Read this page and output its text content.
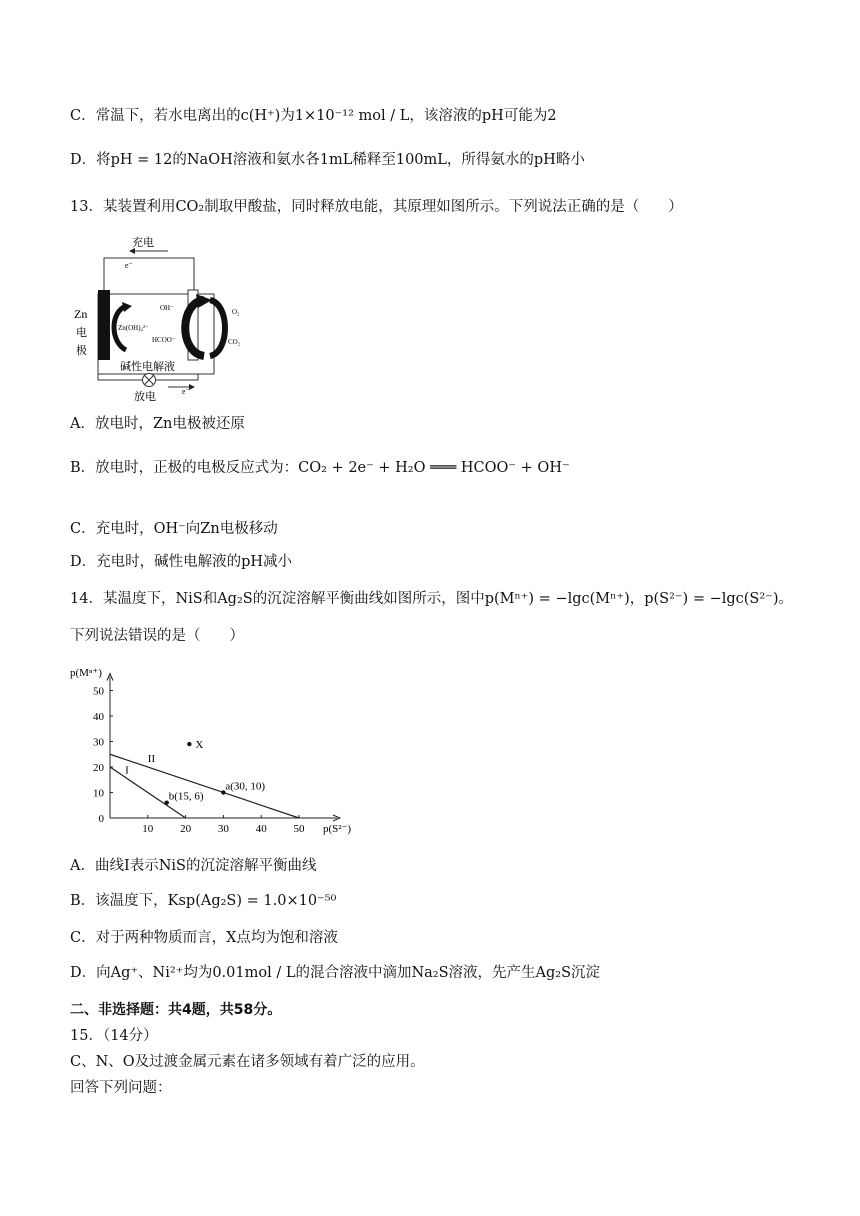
C．常温下，若水电离出的c(H⁺)为1×10⁻¹² mol / L，该溶液的pH可能为2
D．将pH = 12的NaOH溶液和氨水各1mL稀释至100mL，所得氨水的pH略小
13．某装置利用CO₂制取甲酸盐，同时释放电能，其原理如图所示。下列说法正确的是（　　）
充电
e⁻
Zn(OH)₄²⁻
OH⁻
HCOO⁻
O₂
CO₂
Zn
电
极
碱性电解液
e⁻
放电
A．放电时，Zn电极被还原
B．放电时，正极的电极反应式为：CO₂ + 2e⁻ + H₂O ═══ HCOO⁻ + OH⁻
C．充电时，OH⁻向Zn电极移动
D．充电时，碱性电解液的pH减小
14．某温度下，NiS和Ag₂S的沉淀溶解平衡曲线如图所示，图中p(Mⁿ⁺) = −lgc(Mⁿ⁺)，p(S²⁻) = −lgc(S²⁻)。
下列说法错误的是（　　）
0
10
20
30
40
50
10 20 30 40 50
p(Mⁿ⁺)
p(S²⁻)
I
II
X
a(30, 10)
b(15, 6)
A．曲线Ⅰ表示NiS的沉淀溶解平衡曲线
B．该温度下，Ksp(Ag₂S) = 1.0×10⁻⁵⁰
C．对于两种物质而言，X点均为饱和溶液
D．向Ag⁺、Ni²⁺均为0.01mol / L的混合溶液中滴加Na₂S溶液，先产生Ag₂S沉淀
二、非选择题：共4题，共58分。
15．（14分）
C、N、O及过渡金属元素在诸多领域有着广泛的应用。
回答下列问题：
